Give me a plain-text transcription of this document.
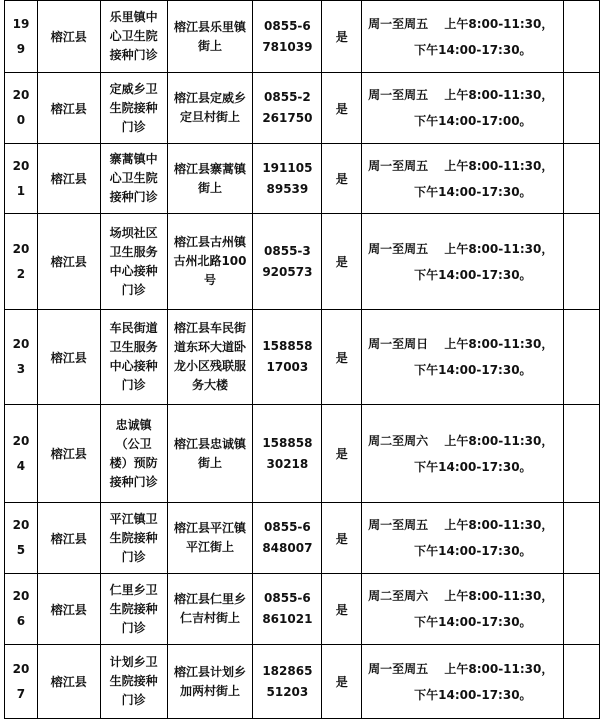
19
9	榕江县	乐里镇中
心卫生院
接种门诊	榕江县乐里镇
街上	0855-6
781039	是	周一至周五　 上午8:00-11:30，
下午14:00-17:30。	

20
0	榕江县	定威乡卫
生院接种
门诊	榕江县定威乡
定旦村街上	0855-2
261750	是	周一至周五　 上午8:00-11:30，
下午14:00-17:00。	

20
1	榕江县	寨蒿镇中
心卫生院
接种门诊	榕江县寨蒿镇
街上	191105
89539	是	周一至周五　 上午8:00-11:30，
下午14:00-17:30。	

20
2	榕江县	场坝社区
卫生服务
中心接种
门诊	榕江县古州镇
古州北路100
号	0855-3
920573	是	周一至周五　 上午8:00-11:30，
下午14:00-17:30。	

20
3	榕江县	车民街道
卫生服务
中心接种
门诊	榕江县车民街
道东环大道卧
龙小区残联服
务大楼	158858
17003	是	周一至周日　 上午8:00-11:30，
下午14:00-17:30。	

20
4	榕江县	忠诚镇
（公卫
楼）预防
接种门诊	榕江县忠诚镇
街上	158858
30218	是	周二至周六　 上午8:00-11:30，
下午14:00-17:30。	

20
5	榕江县	平江镇卫
生院接种
门诊	榕江县平江镇
平江街上	0855-6
848007	是	周一至周五　 上午8:00-11:30，
下午14:00-17:30。	

20
6	榕江县	仁里乡卫
生院接种
门诊	榕江县仁里乡
仁吉村街上	0855-6
861021	是	周二至周六　 上午8:00-11:30，
下午14:00-17:30。	

20
7	榕江县	计划乡卫
生院接种
门诊	榕江县计划乡
加两村街上	182865
51203	是	周一至周五　 上午8:00-11:30，
下午14:00-17:30。	
